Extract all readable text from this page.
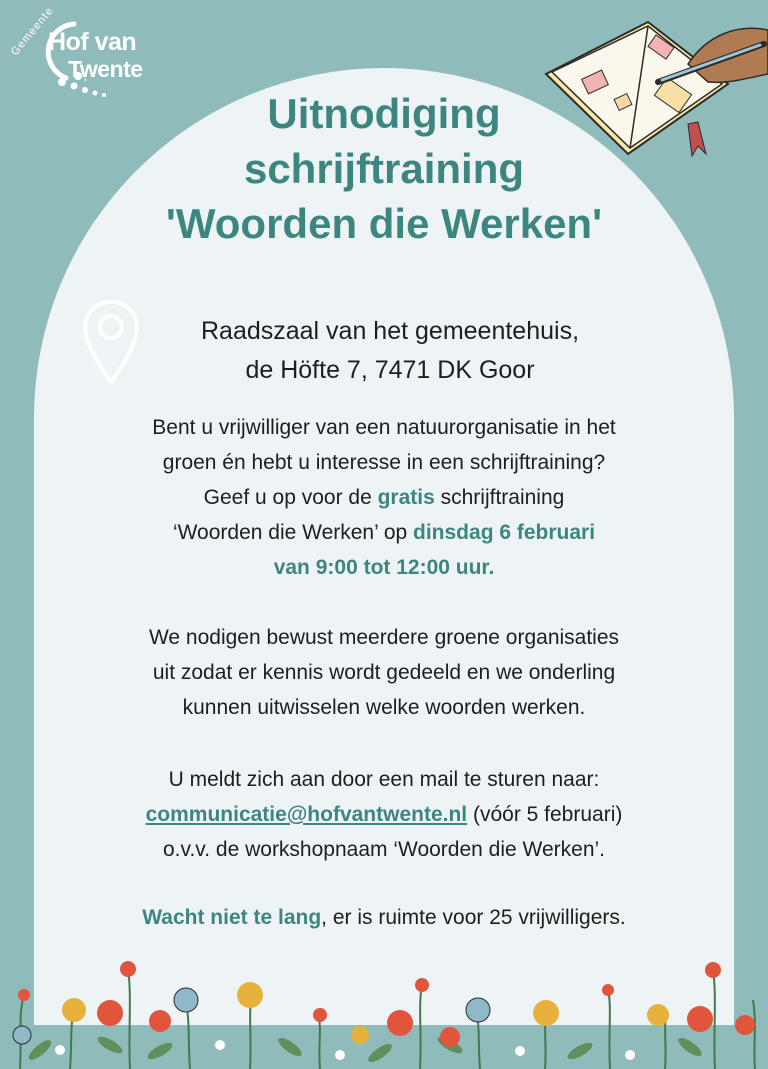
Hof van
Twente
Gemeente
Uitnodiging
schrijftraining
'Woorden die Werken'
Raadszaal van het gemeentehuis,
de Höfte 7, 7471 DK Goor
Bent u vrijwilliger van een natuurorganisatie in het
groen én hebt u interesse in een schrijftraining?
Geef u op voor de gratis schrijftraining
‘Woorden die Werken’ op dinsdag 6 februari
van 9:00 tot 12:00 uur.
We nodigen bewust meerdere groene organisaties
uit zodat er kennis wordt gedeeld en we onderling
kunnen uitwisselen welke woorden werken.
U meldt zich aan door een mail te sturen naar:
communicatie@hofvantwente.nl (vóór 5 februari)
o.v.v. de workshopnaam ‘Woorden die Werken’.
Wacht niet te lang, er is ruimte voor 25 vrijwilligers.
